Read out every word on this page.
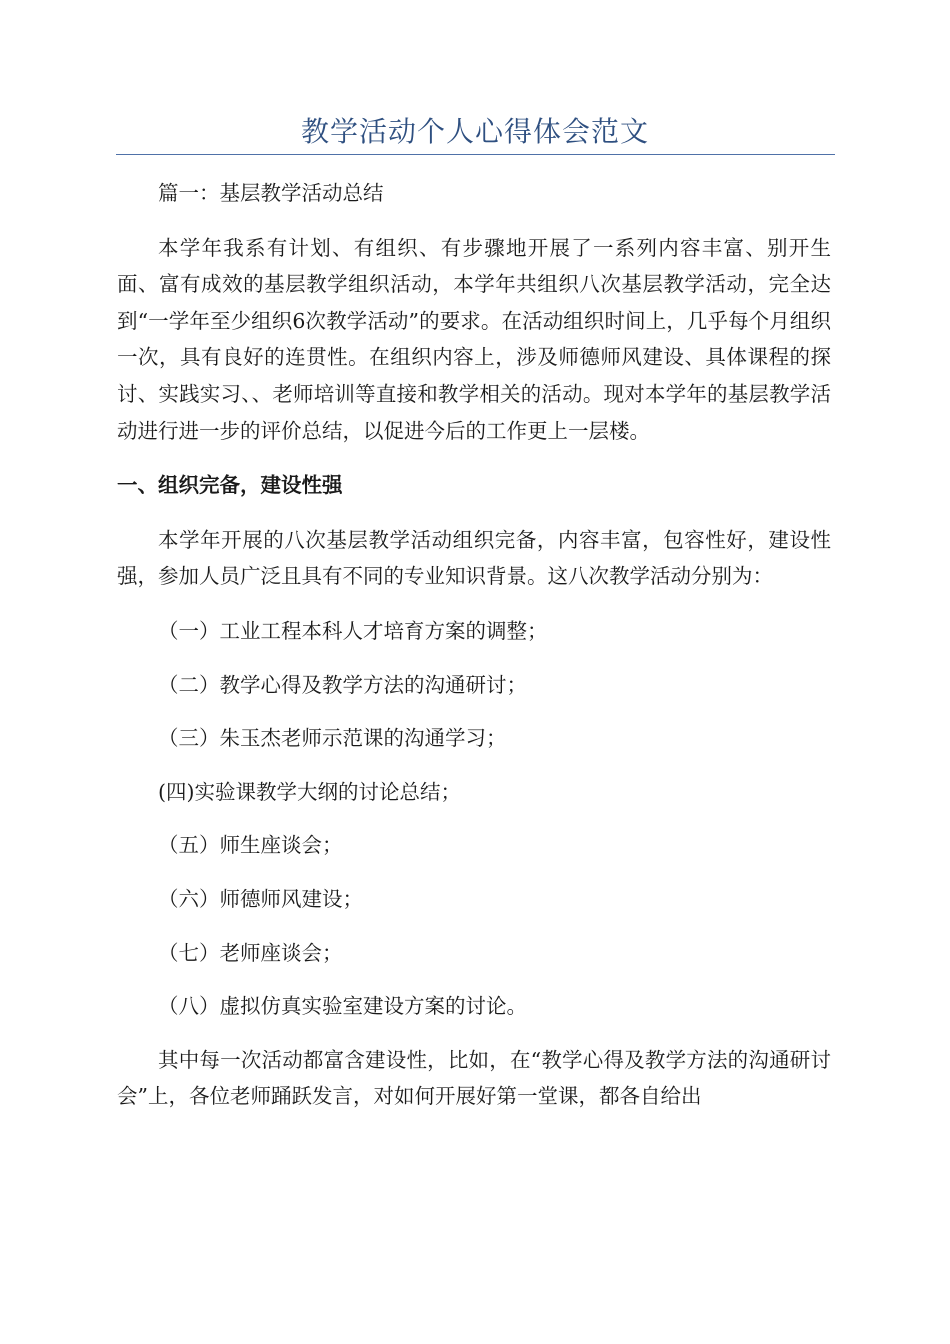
教学活动个人心得体会范文

篇一：基层教学活动总结

本学年我系有计划、有组织、有步骤地开展了一系列内容丰富、别开生面、富有成效的基层教学组织活动，本学年共组织八次基层教学活动，完全达到“一学年至少组织6次教学活动”的要求。在活动组织时间上，几乎每个月组织一次，具有良好的连贯性。在组织内容上，涉及师德师风建设、具体课程的探讨、实践实习、、老师培训等直接和教学相关的活动。现对本学年的基层教学活动进行进一步的评价总结，以促进今后的工作更上一层楼。

一、组织完备，建设性强

本学年开展的八次基层教学活动组织完备，内容丰富，包容性好，建设性强，参加人员广泛且具有不同的专业知识背景。这八次教学活动分别为：

（一）工业工程本科人才培育方案的调整；

（二）教学心得及教学方法的沟通研讨；

（三）朱玉杰老师示范课的沟通学习；

(四)实验课教学大纲的讨论总结；

（五）师生座谈会；

（六）师德师风建设；

（七）老师座谈会；

（八）虚拟仿真实验室建设方案的讨论。

其中每一次活动都富含建设性，比如，在“教学心得及教学方法的沟通研讨会”上，各位老师踊跃发言，对如何开展好第一堂课，都各自给出
